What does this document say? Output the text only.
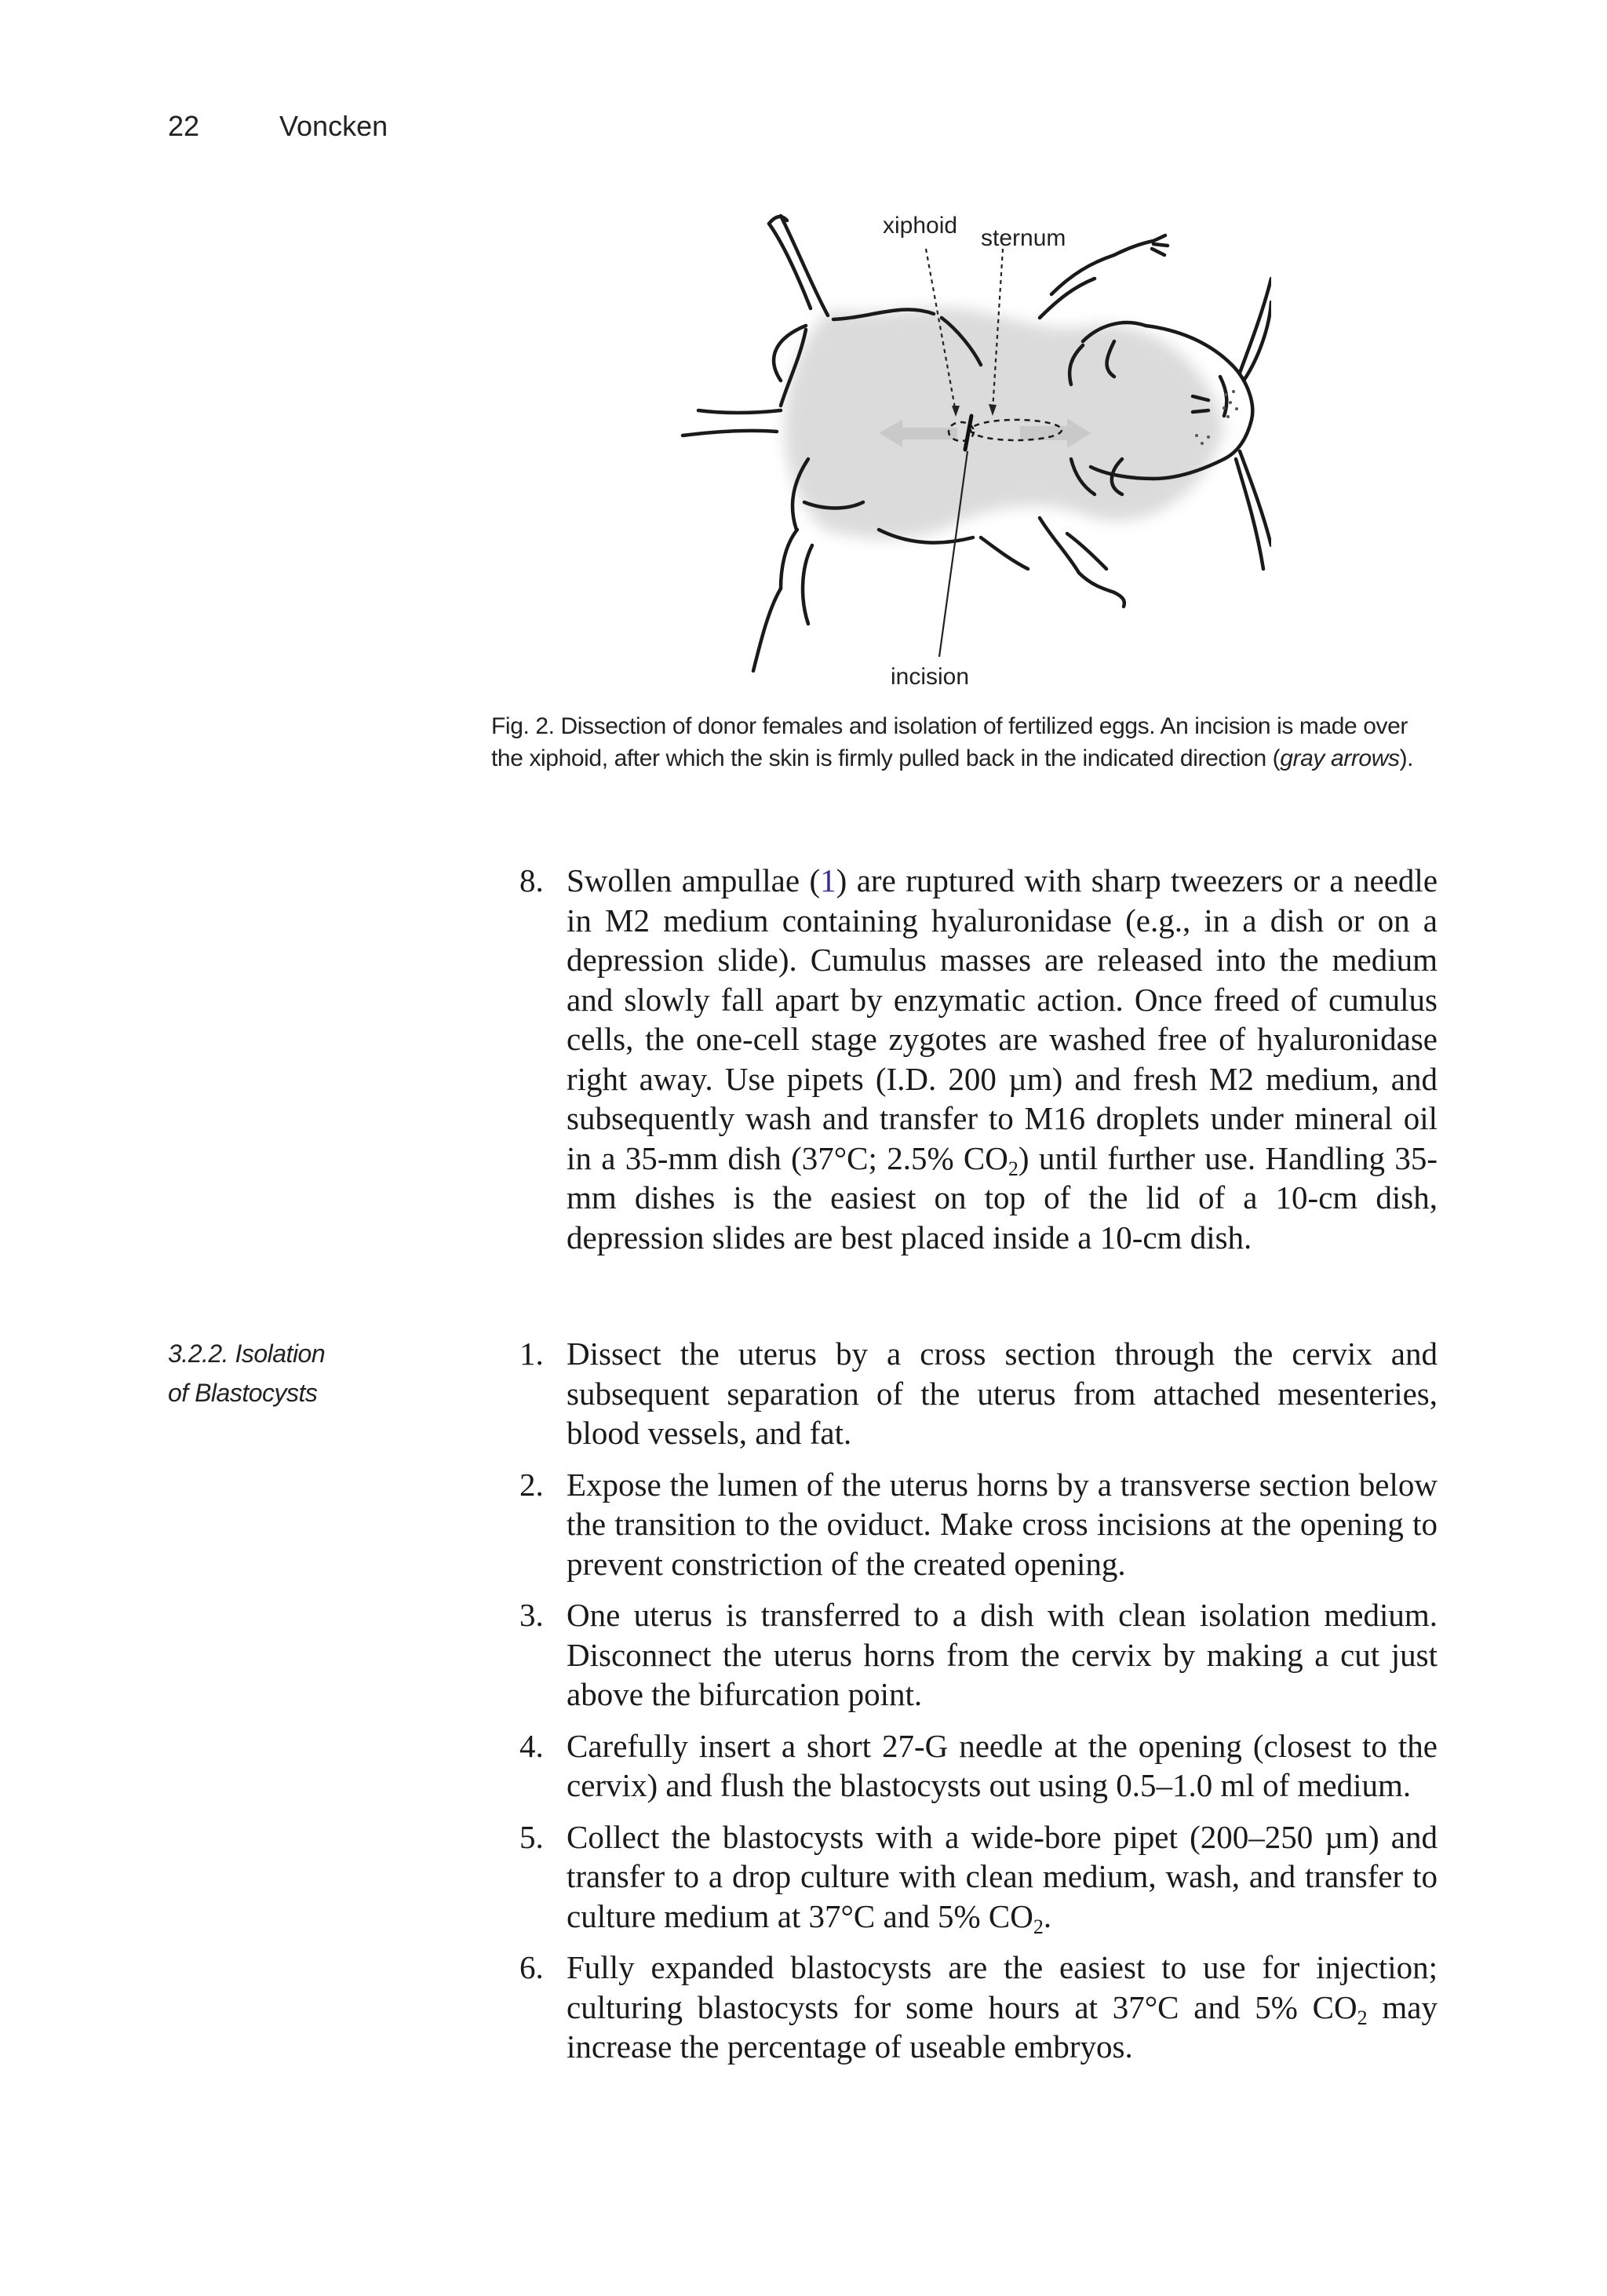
22	Voncken
xiphoid sternum
incision
Fig. 2. Dissection of donor females and isolation of fertilized eggs. An incision is made over the xiphoid, after which the skin is firmly pulled back in the indicated direction (gray arrows).
8. Swollen ampullae (1) are ruptured with sharp tweezers or a needle in M2 medium containing hyaluronidase (e.g., in a dish or on a depression slide). Cumulus masses are released into the medium and slowly fall apart by enzymatic action. Once freed of cumulus cells, the one-cell stage zygotes are washed free of hyaluronidase right away. Use pipets (I.D. 200 µm) and fresh M2 medium, and subsequently wash and transfer to M16 droplets under mineral oil in a 35-mm dish (37°C; 2.5% $CO_2$) until further use. Handling 35-mm dishes is the easiest on top of the lid of a 10-cm dish, depression slides are best placed inside a 10-cm dish.
3.2.2. Isolation
of Blastocysts
1. Dissect the uterus by a cross section through the cervix and subsequent separation of the uterus from attached mesenteries, blood vessels, and fat.
2. Expose the lumen of the uterus horns by a transverse section below the transition to the oviduct. Make cross incisions at the opening to prevent constriction of the created opening.
3. One uterus is transferred to a dish with clean isolation medium. Disconnect the uterus horns from the cervix by making a cut just above the bifurcation point.
4. Carefully insert a short 27-G needle at the opening (closest to the cervix) and flush the blastocysts out using 0.5–1.0 ml of medium.
5. Collect the blastocysts with a wide-bore pipet (200–250 µm) and transfer to a drop culture with clean medium, wash, and transfer to culture medium at 37°C and 5% $CO_2$.
6. Fully expanded blastocysts are the easiest to use for injection; culturing blastocysts for some hours at 37°C and 5% $CO_2$ may increase the percentage of useable embryos.
